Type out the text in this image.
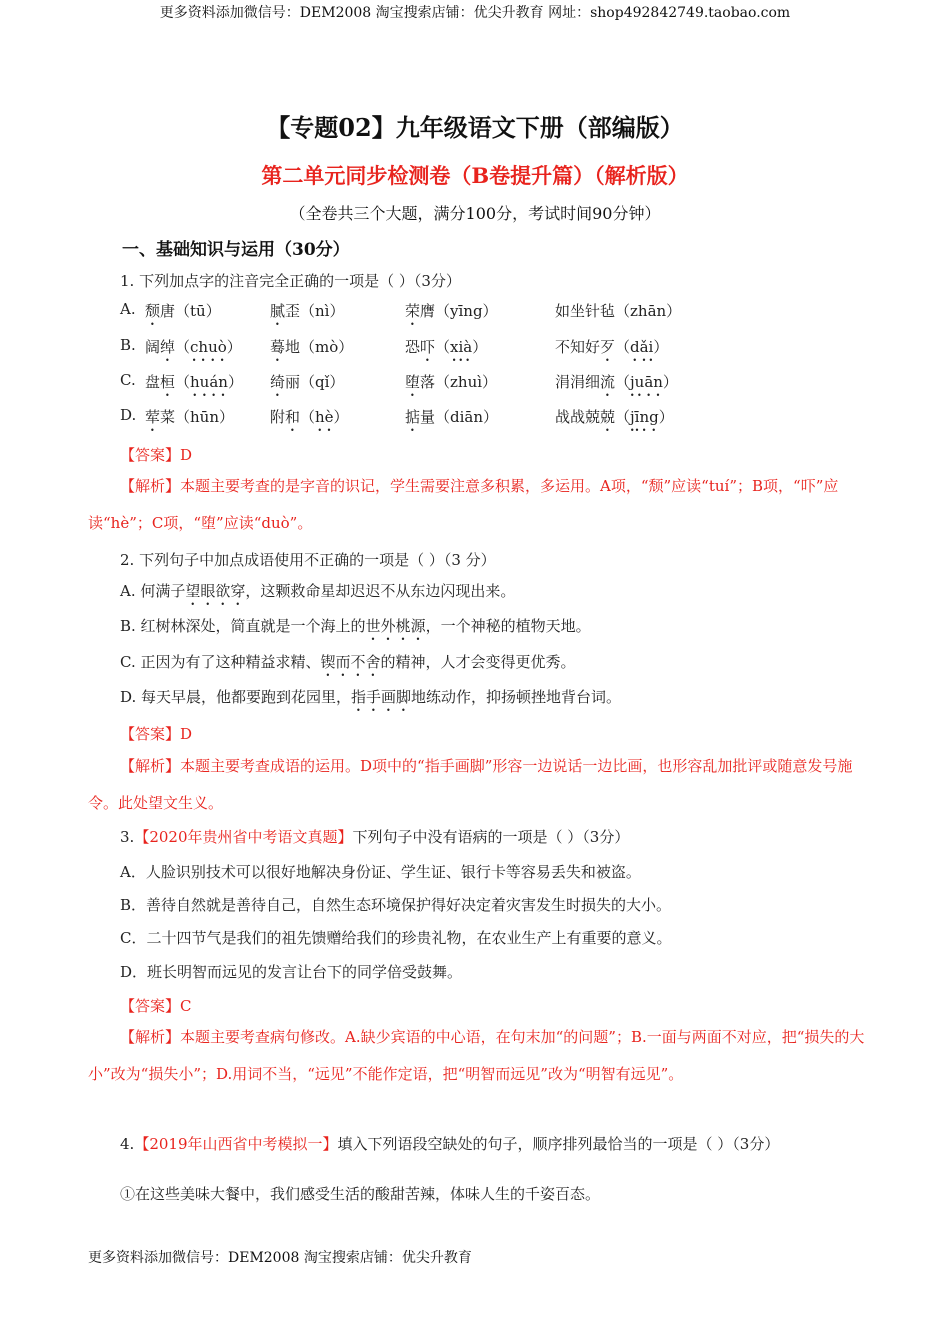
更多资料添加微信号：DEM2008 淘宝搜索店铺：优尖升教育 网址：shop492842749.taobao.com
【专题02】九年级语文下册（部编版）
第二单元同步检测卷（B卷提升篇）（解析版）
（全卷共三个大题，满分100分，考试时间90分钟）
一、基础知识与运用（30分）
1. 下列加点字的注音完全正确的一项是（ ）（3分）
A. 颓唐（tū）	腻歪（nì）	荣膺（yīng）	如坐针毡（zhān）
B. 阔绰（chuò） 蓦地（mò）	恐吓（xià）	不知好歹（dǎi）
C. 盘桓（huán） 绮丽（qǐ）	堕落（zhuì）	涓涓细流（juān）
D. 荤菜（hūn） 附和（hè）	掂量（diān）	战战兢兢（jīng）
【答案】D
【解析】本题主要考查的是字音的识记，学生需要注意多积累，多运用。A项，“颓”应读“tuí”；B项，“吓”应读“hè”；C项，“堕”应读“duò”。
2. 下列句子中加点成语使用不正确的一项是（ ）（3 分）
A. 何满子望眼欲穿，这颗救命星却迟迟不从东边闪现出来。
B. 红树林深处，简直就是一个海上的世外桃源，一个神秘的植物天地。
C. 正因为有了这种精益求精、锲而不舍的精神，人才会变得更优秀。
D. 每天早晨，他都要跑到花园里，指手画脚地练动作，抑扬顿挫地背台词。
【答案】D
【解析】本题主要考查成语的运用。D项中的“指手画脚”形容一边说话一边比画，也形容乱加批评或随意发号施令。此处望文生义。
3.【2020年贵州省中考语文真题】下列句子中没有语病的一项是（ ）（3分）
A．人脸识别技术可以很好地解决身份证、学生证、银行卡等容易丢失和被盗。
B．善待自然就是善待自己，自然生态环境保护得好决定着灾害发生时损失的大小。
C．二十四节气是我们的祖先馈赠给我们的珍贵礼物，在农业生产上有重要的意义。
D．班长明智而远见的发言让台下的同学倍受鼓舞。
【答案】C
【解析】本题主要考查病句修改。A.缺少宾语的中心语，在句末加“的问题”；B.一面与两面不对应，把“损失的大小”改为“损失小”；D.用词不当，“远见”不能作定语，把“明智而远见”改为“明智有远见”。
4.【2019年山西省中考模拟一】填入下列语段空缺处的句子，顺序排列最恰当的一项是（ ）（3分）
①在这些美味大餐中，我们感受生活的酸甜苦辣，体味人生的千姿百态。
更多资料添加微信号：DEM2008 淘宝搜索店铺：优尖升教育
